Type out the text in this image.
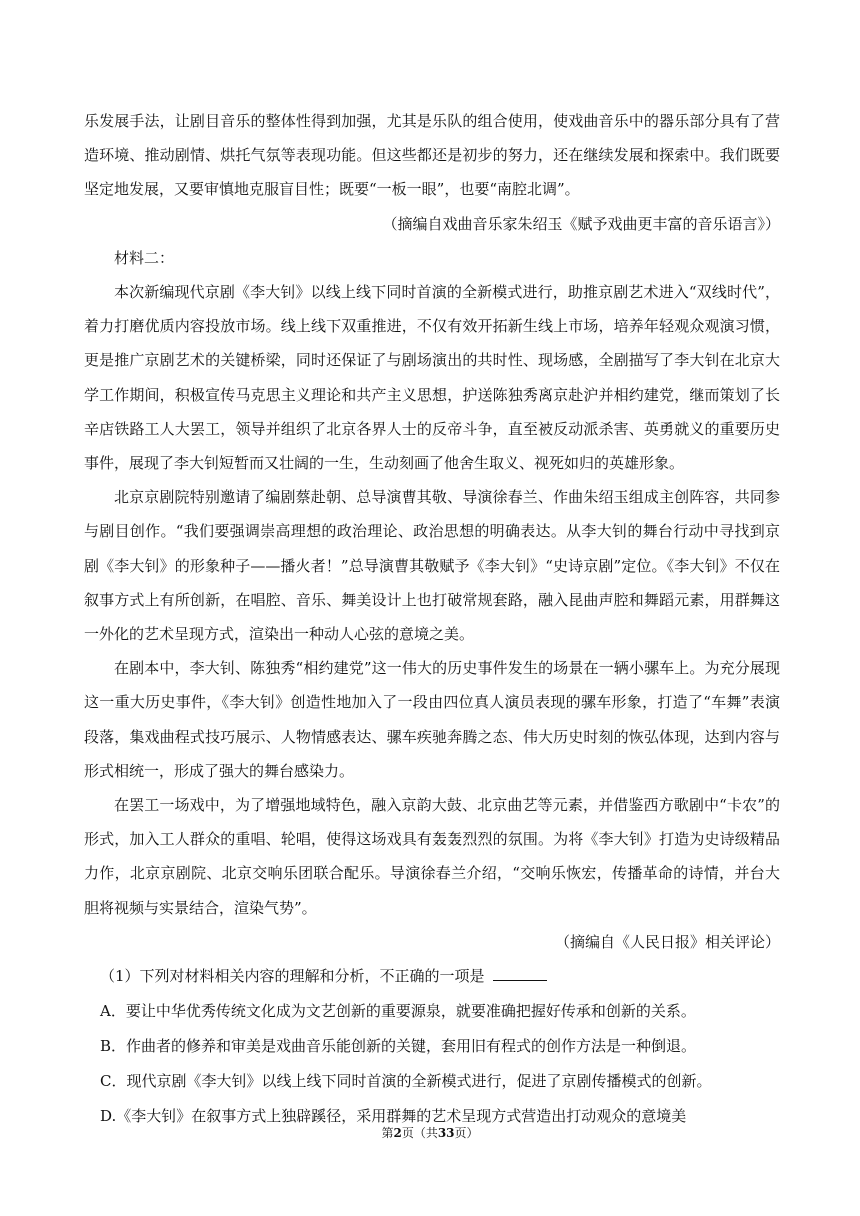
乐发展手法，让剧目音乐的整体性得到加强，尤其是乐队的组合使用，使戏曲音乐中的器乐部分具有了营造环境、推动剧情、烘托气氛等表现功能。但这些都还是初步的努力，还在继续发展和探索中。我们既要坚定地发展，又要审慎地克服盲目性；既要“一板一眼”，也要“南腔北调”。

（摘编自戏曲音乐家朱绍玉《赋予戏曲更丰富的音乐语言》）

材料二：

本次新编现代京剧《李大钊》以线上线下同时首演的全新模式进行，助推京剧艺术进入“双线时代”，着力打磨优质内容投放市场。线上线下双重推进，不仅有效开拓新生线上市场，培养年轻观众观演习惯，更是推广京剧艺术的关键桥梁，同时还保证了与剧场演出的共时性、现场感，全剧描写了李大钊在北京大学工作期间，积极宣传马克思主义理论和共产主义思想，护送陈独秀离京赴沪并相约建党，继而策划了长辛店铁路工人大罢工，领导并组织了北京各界人士的反帝斗争，直至被反动派杀害、英勇就义的重要历史事件，展现了李大钊短暂而又壮阔的一生，生动刻画了他舍生取义、视死如归的英雄形象。

北京京剧院特别邀请了编剧蔡赴朝、总导演曹其敬、导演徐春兰、作曲朱绍玉组成主创阵容，共同参与剧目创作。“我们要强调崇高理想的政治理论、政治思想的明确表达。从李大钊的舞台行动中寻找到京剧《李大钊》的形象种子——播火者！”总导演曹其敬赋予《李大钊》“史诗京剧”定位。《李大钊》不仅在叙事方式上有所创新，在唱腔、音乐、舞美设计上也打破常规套路，融入昆曲声腔和舞蹈元素，用群舞这一外化的艺术呈现方式，渲染出一种动人心弦的意境之美。

在剧本中，李大钊、陈独秀“相约建党”这一伟大的历史事件发生的场景在一辆小骡车上。为充分展现这一重大历史事件，《李大钊》创造性地加入了一段由四位真人演员表现的骡车形象，打造了“车舞”表演段落，集戏曲程式技巧展示、人物情感表达、骡车疾驰奔腾之态、伟大历史时刻的恢弘体现，达到内容与形式相统一，形成了强大的舞台感染力。

在罢工一场戏中，为了增强地域特色，融入京韵大鼓、北京曲艺等元素，并借鉴西方歌剧中“卡农”的形式，加入工人群众的重唱、轮唱，使得这场戏具有轰轰烈烈的氛围。为将《李大钊》打造为史诗级精品力作，北京京剧院、北京交响乐团联合配乐。导演徐春兰介绍，“交响乐恢宏，传播革命的诗情，并台大胆将视频与实景结合，渲染气势”。

（摘编自《人民日报》相关评论）

（1）下列对材料相关内容的理解和分析，不正确的一项是

A．要让中华优秀传统文化成为文艺创新的重要源泉，就要准确把握好传承和创新的关系。

B．作曲者的修养和审美是戏曲音乐能创新的关键，套用旧有程式的创作方法是一种倒退。

C．现代京剧《李大钊》以线上线下同时首演的全新模式进行，促进了京剧传播模式的创新。

D.《李大钊》在叙事方式上独辟蹊径，采用群舞的艺术呈现方式营造出打动观众的意境美

第2页（共33页）
